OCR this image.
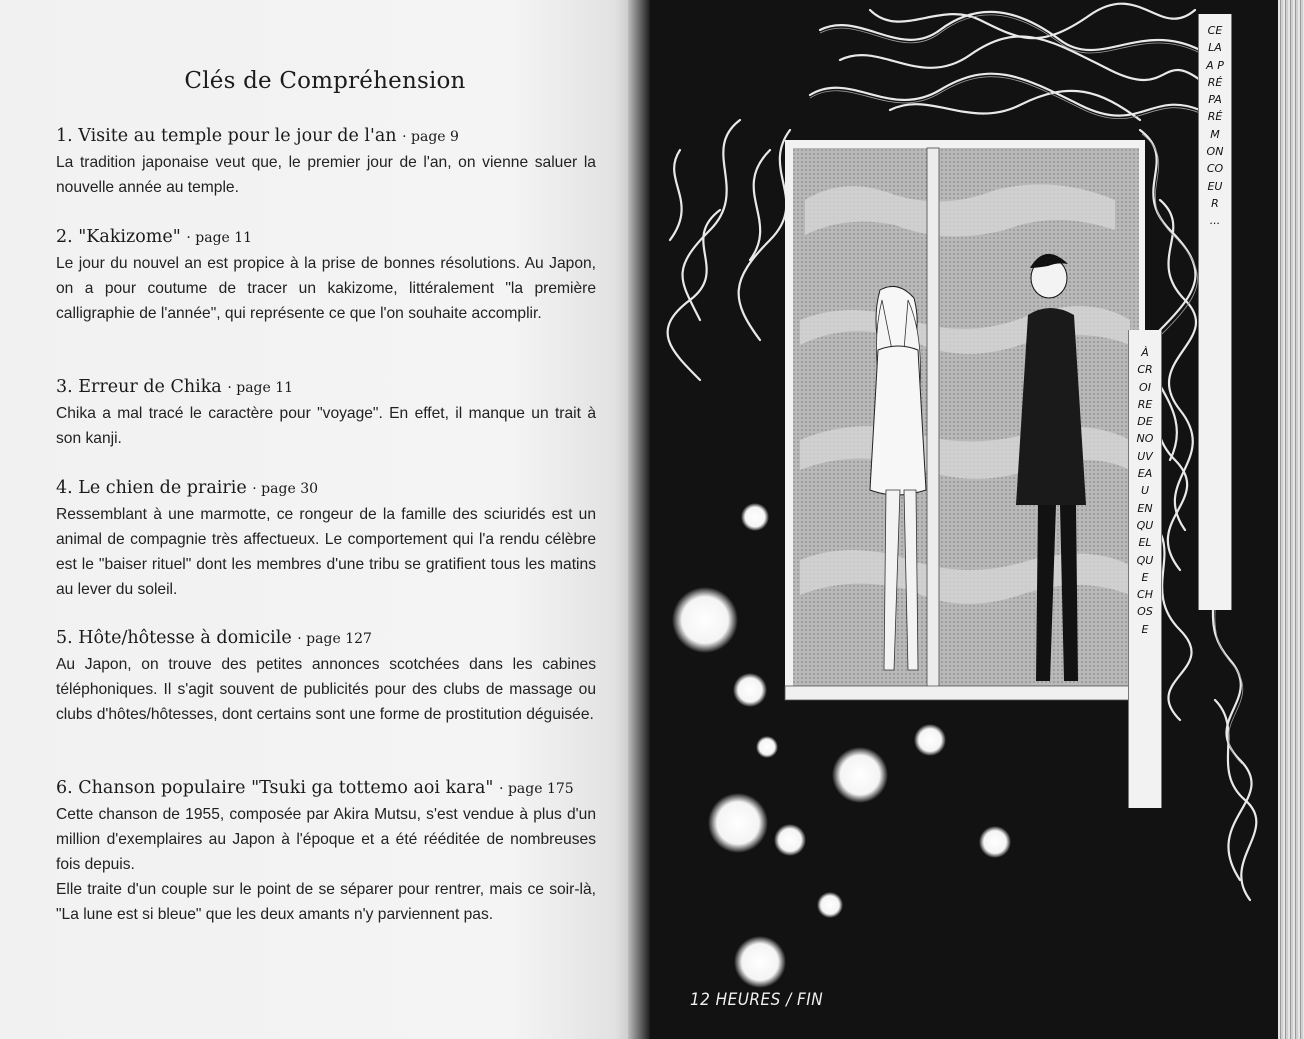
Clés de Compréhension
1. Visite au temple pour le jour de l'an · page 9
La tradition japonaise veut que, le premier jour de l'an, on vienne saluer la nouvelle année au temple.
2. "Kakizome" · page 11
Le jour du nouvel an est propice à la prise de bonnes résolutions. Au Japon, on a pour coutume de tracer un kakizome, littéralement "la première calligraphie de l'année", qui représente ce que l'on souhaite accomplir.
3. Erreur de Chika · page 11
Chika a mal tracé le caractère pour "voyage". En effet, il manque un trait à son kanji.
4. Le chien de prairie · page 30
Ressemblant à une marmotte, ce rongeur de la famille des sciuridés est un animal de compagnie très affectueux. Le comportement qui l'a rendu célèbre est le "baiser rituel" dont les membres d'une tribu se gratifient tous les matins au lever du soleil.
5. Hôte/hôtesse à domicile · page 127
Au Japon, on trouve des petites annonces scotchées dans les cabines téléphoniques. Il s'agit souvent de publicités pour des clubs de massage ou clubs d'hôtes/hôtesses, dont certains sont une forme de prostitution déguisée.
6. Chanson populaire "Tsuki ga tottemo aoi kara" · page 175
Cette chanson de 1955, composée par Akira Mutsu, s'est vendue à plus d'un million d'exemplaires au Japon à l'époque et a été rééditée de nombreuses fois depuis.
Elle traite d'un couple sur le point de se séparer pour rentrer, mais ce soir-là, "La lune est si bleue" que les deux amants n'y parviennent pas.
CELA A PRÉPARÉ MON COEUR ...
À CROIRE DE NOUVEAU EN QUELQUE CHOSE
12 HEURES / FIN
